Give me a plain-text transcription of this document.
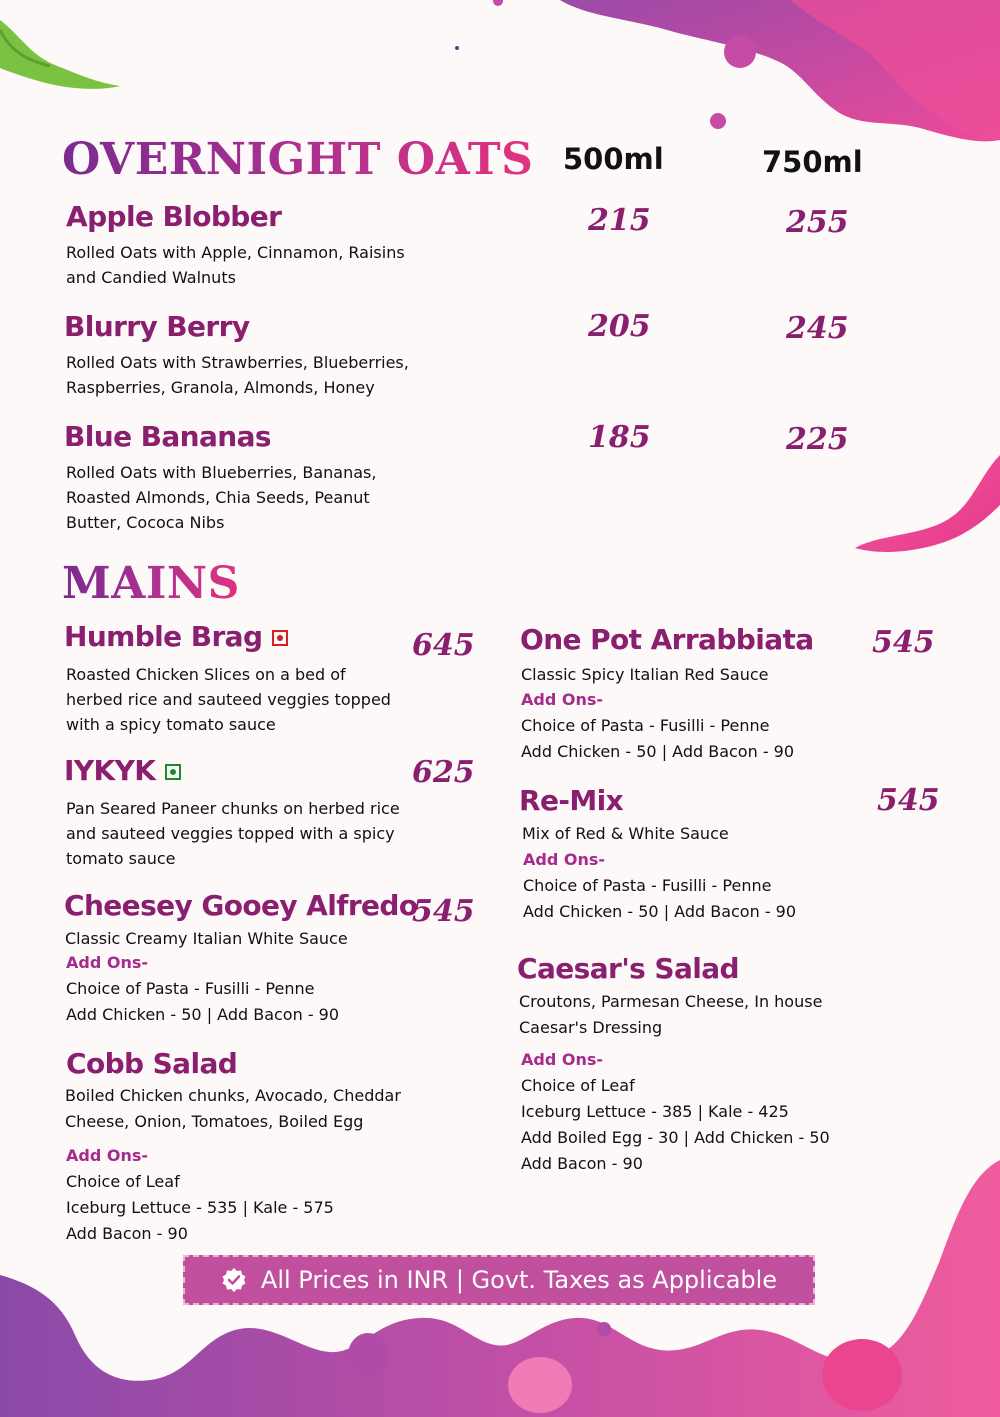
OVERNIGHT OATS 500ml	750ml
Apple Blobber
Rolled Oats with Apple, Cinnamon, Raisins
and Candied Walnuts
215	255
Blurry Berry
Rolled Oats with Strawberries, Blueberries,
Raspberries, Granola, Almonds, Honey
205	245
Blue Bananas
Rolled Oats with Blueberries, Bananas,
Roasted Almonds, Chia Seeds, Peanut
Butter, Cococa Nibs
185	225
MAINS
Humble Brag	645
Roasted Chicken Slices on a bed of
herbed rice and sauteed veggies topped
with a spicy tomato sauce
IYKYK	625
Pan Seared Paneer chunks on herbed rice
and sauteed veggies topped with a spicy
tomato sauce
Cheesey Gooey Alfredo
545
Classic Creamy Italian White Sauce
Add Ons-
Choice of Pasta - Fusilli - Penne
Add Chicken - 50 | Add Bacon - 90
Cobb Salad
Boiled Chicken chunks, Avocado, Cheddar
Cheese, Onion, Tomatoes, Boiled Egg
Add Ons-
Choice of Leaf
Iceburg Lettuce - 535 | Kale - 575
Add Bacon - 90
One Pot Arrabbiata 545
Classic Spicy Italian Red Sauce
Add Ons-
Choice of Pasta - Fusilli - Penne
Add Chicken - 50 | Add Bacon - 90
Re-Mix	545
Mix of Red & White Sauce
Add Ons-
Choice of Pasta - Fusilli - Penne
Add Chicken - 50 | Add Bacon - 90
Caesar's Salad
Croutons, Parmesan Cheese, In house
Caesar's Dressing
Add Ons-
Choice of Leaf
Iceburg Lettuce - 385 | Kale - 425
Add Boiled Egg - 30 | Add Chicken - 50
Add Bacon - 90
All Prices in INR | Govt. Taxes as Applicable
